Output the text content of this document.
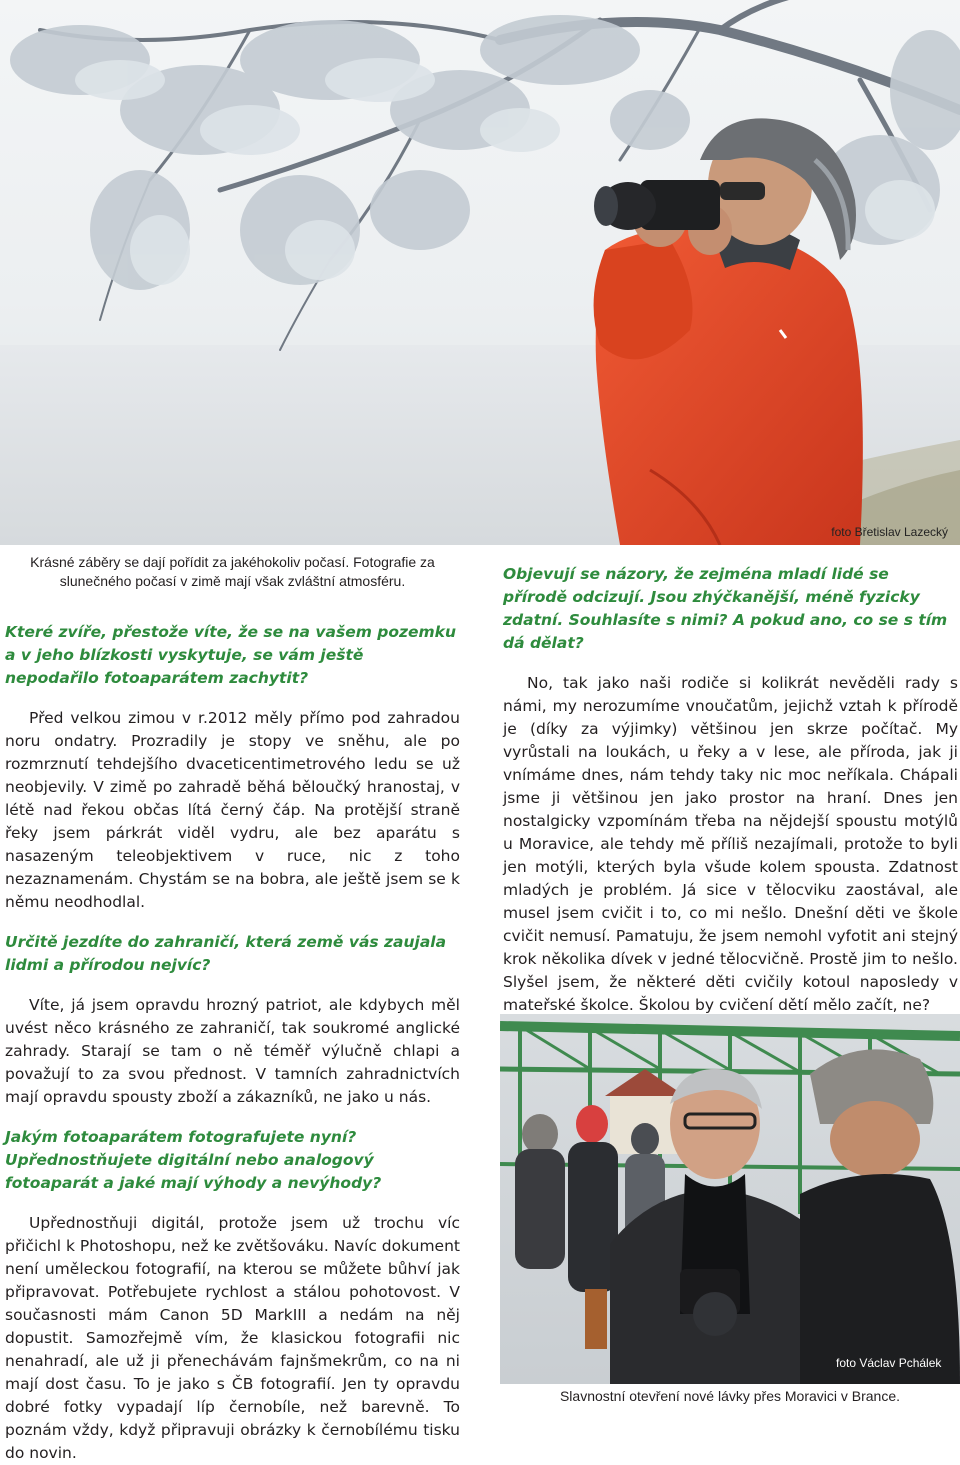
foto Břetislav Lazecký

Krásné záběry se dají pořídit za jakéhokoliv počasí. Fotografie za slunečného počasí v zimě mají však zvláštní atmosféru.

Které zvíře, přestože víte, že se na vašem pozemku a v jeho blízkosti vyskytuje, se vám ještě nepodařilo fotoaparátem zachytit?

Před velkou zimou v r.2012 měly přímo pod zahradou noru ondatry. Prozradily je stopy ve sněhu, ale po rozmrznutí tehdejšího dvaceticentimetrového ledu se už neobjevily. V zimě po zahradě běhá běloučký hranostaj, v létě nad řekou občas lítá černý čáp. Na protější straně řeky jsem párkrát viděl vydru, ale bez aparátu s nasazeným teleobjektivem v ruce, nic z toho nezaznamenám. Chystám se na bobra, ale ještě jsem se k němu neodhodlal.

Určitě jezdíte do zahraničí, která země vás zaujala lidmi a přírodou nejvíc?

Víte, já jsem opravdu hrozný patriot, ale kdybych měl uvést něco krásného ze zahraničí, tak soukromé anglické zahrady. Starají se tam o ně téměř výlučně chlapi a považují to za svou přednost. V tamních zahradnictvích mají opravdu spousty zboží a zákazníků, ne jako u nás.

Jakým fotoaparátem fotografujete nyní? Upřednostňujete digitální nebo analogový fotoaparát a jaké mají výhody a nevýhody?

Upřednostňuji digitál, protože jsem už trochu víc přičichl k Photoshopu, než ke zvětšováku. Navíc dokument není uměleckou fotografií, na kterou se můžete bůhví jak připravovat. Potřebujete rychlost a stálou pohotovost. V současnosti mám Canon 5D MarkIII a nedám na něj dopustit. Samozřejmě vím, že klasickou fotografii nic nenahradí, ale už ji přenechávám fajnšmekrům, co na ni mají dost času. To je jako s ČB fotografií. Jen ty opravdu dobré fotky vypadají líp černobíle, než barevně. To poznám vždy, když připravuji obrázky k černobílému tisku do novin.

Objevují se názory, že zejména mladí lidé se přírodě odcizují. Jsou zhýčkanější, méně fyzicky zdatní. Souhlasíte s nimi? A pokud ano, co se s tím dá dělat?

No, tak jako naši rodiče si kolikrát nevěděli rady s námi, my nerozumíme vnoučatům, jejichž vztah k přírodě je (díky za výjimky) většinou jen skrze počítač. My vyrůstali na loukách, u řeky a v lese, ale příroda, jak ji vnímáme dnes, nám tehdy taky nic moc neříkala. Chápali jsme ji většinou jen jako prostor na hraní. Dnes jen nostalgicky vzpomínám třeba na nějdejší spoustu motýlů u Moravice, ale tehdy mě příliš nezajímali, protože to byli jen motýli, kterých byla všude kolem spousta. Zdatnost mladých je problém. Já sice v tělocviku zaostával, ale musel jsem cvičit i to, co mi nešlo. Dnešní děti ve škole cvičit nemusí. Pamatuju, že jsem nemohl vyfotit ani stejný krok několika dívek v jedné tělocvičně. Prostě jim to nešlo. Slyšel jsem, že některé děti cvičily kotoul naposledy v mateřské školce. Školou by cvičení dětí mělo začít, ne?

foto Václav Pchálek
Slavnostní otevření nové lávky přes Moravici v Brance.
